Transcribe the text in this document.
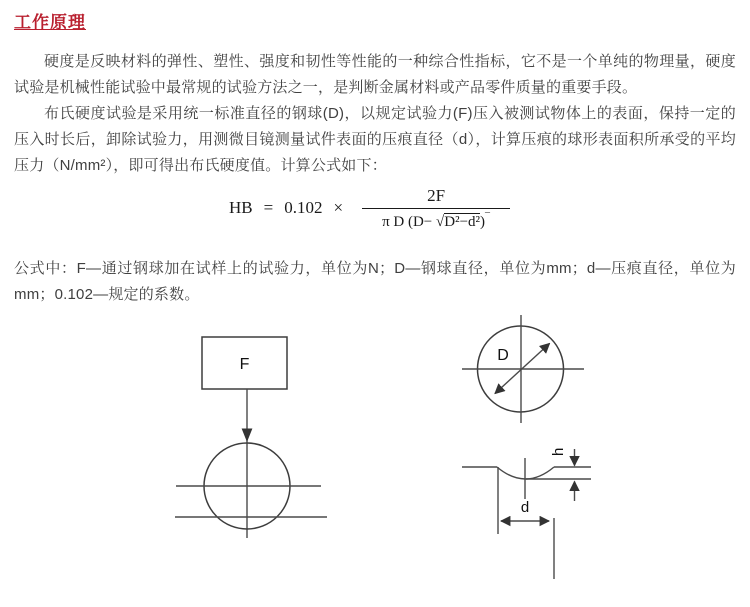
工作原理

硬度是反映材料的弹性、塑性、强度和韧性等性能的一种综合性指标，它不是一个单纯的物理量，硬度试验是机械性能试验中最常规的试验方法之一，是判断金属材料或产品零件质量的重要手段。

布氏硬度试验是采用统一标准直径的钢球(D)，以规定试验力(F)压入被测试物体上的表面，保持一定的压入时长后，卸除试验力，用测微目镜测量试件表面的压痕直径（d），计算压痕的球形表面积所承受的平均压力（N/mm²），即可得出布氏硬度值。计算公式如下：

HB = $0.102 \times \frac{2F}{\pi D (D- √D^2-d^2)^¯}$

公式中：F—通过钢球加在试样上的试验力，单位为N；D—钢球直径，单位为mm；d—压痕直径，单位为mm；0.102—规定的系数。

F
D
h
d
